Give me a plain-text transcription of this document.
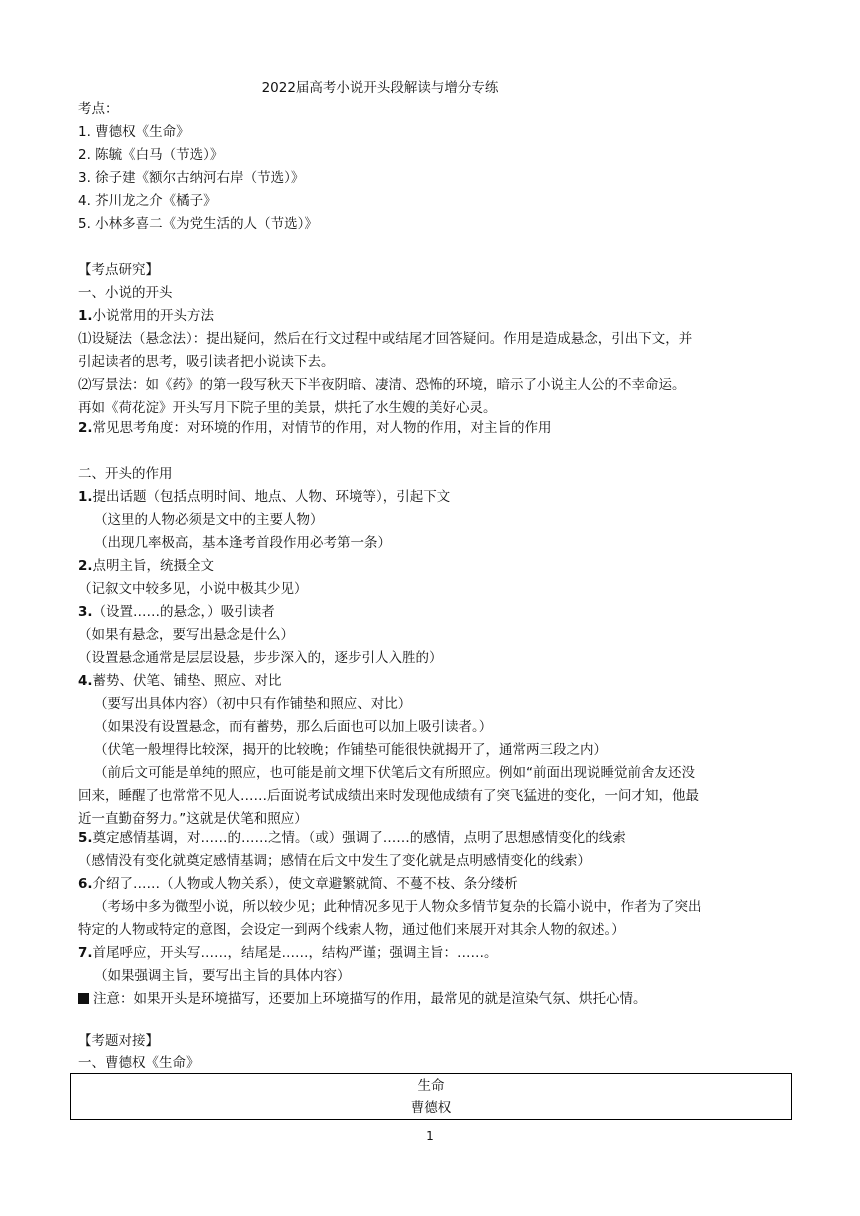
2022届高考小说开头段解读与增分专练
考点：
1. 曹德权《生命》
2. 陈毓《白马（节选）》
3. 徐子建《额尔古纳河右岸（节选）》
4. 芥川龙之介《橘子》
5. 小林多喜二《为党生活的人（节选）》
【考点研究】
一、小说的开头
1.小说常用的开头方法
⑴设疑法（悬念法）：提出疑问，然后在行文过程中或结尾才回答疑问。作用是造成悬念，引出下文，并
引起读者的思考，吸引读者把小说读下去。
⑵写景法：如《药》的第一段写秋天下半夜阴暗、凄清、恐怖的环境，暗示了小说主人公的不幸命运。
再如《荷花淀》开头写月下院子里的美景，烘托了水生嫂的美好心灵。
2.常见思考角度：对环境的作用，对情节的作用，对人物的作用，对主旨的作用
二、开头的作用
1.提出话题（包括点明时间、地点、人物、环境等），引起下文
（这里的人物必须是文中的主要人物）
（出现几率极高，基本逢考首段作用必考第一条）
2.点明主旨，统摄全文
（记叙文中较多见，小说中极其少见）
3.（设置……的悬念，）吸引读者
（如果有悬念，要写出悬念是什么）
（设置悬念通常是层层设悬，步步深入的，逐步引人入胜的）
4.蓄势、伏笔、铺垫、照应、对比
（要写出具体内容）（初中只有作铺垫和照应、对比）
（如果没有设置悬念，而有蓄势，那么后面也可以加上吸引读者。）
（伏笔一般埋得比较深，揭开的比较晚；作铺垫可能很快就揭开了，通常两三段之内）
（前后文可能是单纯的照应，也可能是前文埋下伏笔后文有所照应。例如“前面出现说睡觉前舍友还没
回来，睡醒了也常常不见人……后面说考试成绩出来时发现他成绩有了突飞猛进的变化，一问才知，他最
近一直勤奋努力。”这就是伏笔和照应）
5.奠定感情基调，对……的……之情。（或）强调了……的感情，点明了思想感情变化的线索
（感情没有变化就奠定感情基调；感情在后文中发生了变化就是点明感情变化的线索）
6.介绍了……（人物或人物关系），使文章避繁就简、不蔓不枝、条分缕析
（考场中多为微型小说，所以较少见；此种情况多见于人物众多情节复杂的长篇小说中，作者为了突出
特定的人物或特定的意图，会设定一到两个线索人物，通过他们来展开对其余人物的叙述。）
7.首尾呼应，开头写……，结尾是……，结构严谨；强调主旨：……。
（如果强调主旨，要写出主旨的具体内容）
注意：如果开头是环境描写，还要加上环境描写的作用，最常见的就是渲染气氛、烘托心情。
【考题对接】
一、曹德权《生命》
生命
曹德权
1
